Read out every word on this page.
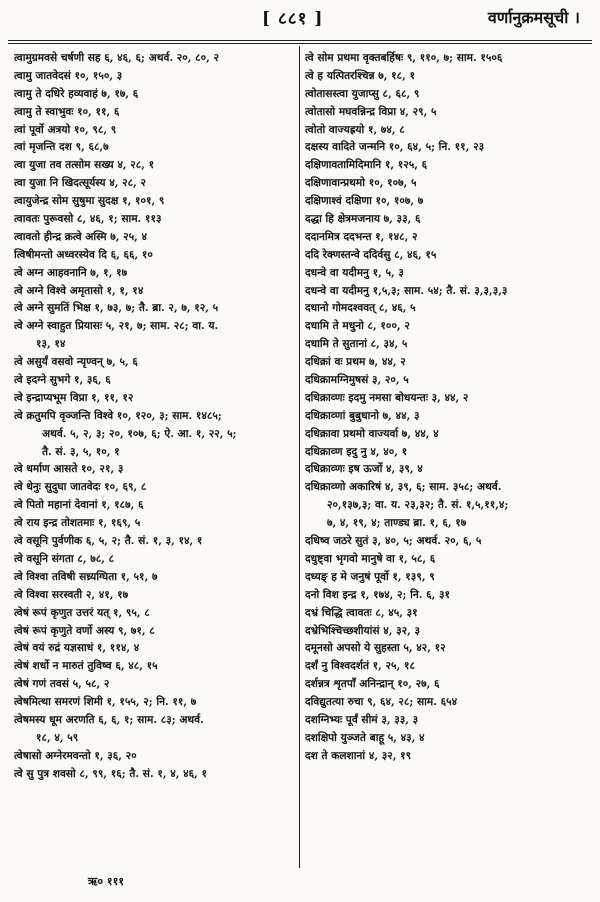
[ ८८१ ]	वर्णानुक्रमसूची ।
त्वामुग्रमवसे चर्षणी सह ६, ४६, ६; अथर्व. २०, ८०, २
त्वामु जातवेदसं १०, १५०, ३
त्वामु ते दधिरे हव्यवाहं ७, १७, ६
त्वामु ते स्वाभुवः १०, ११, ६
त्वां पूर्वो अत्रयो १०, ९८, ९
त्वां मृजन्ति दश ९, ६८,७
त्वा युजा तव तत्सोम सख्य ४, २८, १
त्वा युजा नि खिदत्सूर्यस्य ४, २८, २
त्वायुजेन्द्र सोम सुषुमा सुदक्ष १, १०१, ९
त्वावतः पुरूवसो ८, ४६, १; साम. ११३
त्वावतो हीन्द्र क्रत्वे अस्मि ७, २५, ४
त्विषीमन्तो अध्वरस्येव दि ६, ६६, १०
त्वे अग्न आहवनानि ७, १, १७
त्वे अग्ने विश्वे अमृतासो १, १, १४
त्वे अग्ने सुमतिं भिक्ष १, ७३, ७; तै. ब्रा. २, ७, १२, ५
त्वे अग्ने स्वाहुत प्रियासः ५, २१, ७; साम. २८; वा. य.
१३, १४
त्वे असुर्यं वसवो न्यृण्वन् ७, ५, ६
त्वे इदग्ने सुभगे १, ३६, ६
त्वे इन्द्राप्यभूम विप्रा १, ११, १२
त्वे क्रतुमपि वृञ्जन्ति विश्वे १०, १२०, ३; साम. १४८५;
अथर्व. ५, २, ३; २०, १०७, ६; ऐ. आ. १, २२, ५;
तै. सं. ३, ५, १०, १
त्वे धर्माण आसते १०, २१, ३
त्वे धेनुः सुदुघा जातवेदः १०, ६९, ८
त्वे पितो महानां देवानां १, १८७, ६
त्वे राय इन्द्र तोशतमाः १, १६९, ५
त्वे वसूनि पुर्वणीक ६, ५, २; तै. सं. १, ३, १४, १
त्वे वसूनि संगता ८, ७८, ८
त्वे विश्वा तविषी सध्र्यग्घिता १, ५१, ७
त्वे विश्वा सरस्वती २, ४१, १७
त्वेषं रूपं कृणुत उत्तरं यत् १, ९५, ८
त्वेषं रूपं कृणुते वर्णो अस्य ९, ७१, ८
त्वेषं वयं रुद्रं यज्ञसाधं १, ११४, ४
त्वेषं शर्धो न मारुतं तुविष्व ६, ४८, १५
त्वेषं गणं तवसं ५, ५८, २
त्वेषमित्था समरणं शिमी १, १५५, २; नि. ११, ७
त्वेषमस्य धूम अरणति ६, ६, १; साम. ८३; अथर्व.
१८, ४, ५९
त्वेषासो अग्नेरमवन्तो १, ३६, २०
त्वे सु पुत्र शवसो ८, ९९, १६; तै. सं. १, ४, ४६, १
त्वे सोम प्रथमा वृक्तबर्हिषः ९, ११०, ७; साम. १५०६
त्वे ह यत्पितरश्चिन्न ७, १८, १
त्वोतासस्त्वा युजाप्सु ८, ६८, ९
त्वोतासो मघवन्निन्द्र विप्रा ४, २९, ५
त्वोतो वाज्यह्रयो १, ७४, ८
दक्षस्य वादिते जन्मनि १०, ६४, ५; नि. ११, २३
दक्षिणावतामिदिमानि १, १२५, ६
दक्षिणावान्प्रथमो १०, १०७, ५
दक्षिणाश्वं दक्षिणा १०, १०७, ७
दद्धा हि क्षेत्रमजनाय ७, ३३, ६
ददानमित्र ददभन्त १, १४८, २
ददि रेक्णस्तन्वे ददिर्वसु ८, ४६, १५
दधन्वे वा यदीमनु १, ५, ३
दधन्वे वा यदीमनु १,५,३; साम. ५४; तै. सं. ३,३,३,३
दधानो गोमदश्ववत् ८, ४६, ५
दधामि ते मधुनो ८, १००, २
दधामि ते सुतानां ८, ३४, ५
दधिक्रां वः प्रथम ७, ४४, २
दधिक्रामग्निमुषसं ३, २०, ५
दधिक्राव्णः इदमु नमसा बोधयन्तः ३, ४४, २
दधिक्राव्णां बुबुधानो ७, ४४, ३
दधिक्रावा प्रथमो वाज्यर्वा ७, ४४, ४
दधिक्राव्ण इदु नु ४, ४०, १
दधिक्राव्णः इष ऊर्जो ४, ३९, ४
दधिक्राव्णो अकारिषं ४, ३९, ६; साम. ३५८; अथर्व.
२०,१३७,३; वा. य. २३,३२; तै. सं. १,५,११,४;
७, ४, १९, ४; ताण्ड्य ब्रा. १, ६, १७
दधिष्व जठरे सुतं ३, ४०, ५; अथर्व. २०, ६, ५
दधुष्ट्वा भृगवो मानुषे वा १, ५८, ६
दध्यङ् ह मे जनुषं पूर्वो १, १३९, ९
दनो विश इन्द्र १, १७४, २; नि. ६, ३१
दभ्रं चिद्धि त्वावतः ८, ४५, ३१
दभ्रेभिश्चिच्छशीयांसं ४, ३२, ३
दमूनसो अपसो ये सुहस्ता ५, ४२, १२
दर्शं नु विश्वदर्शतं १, २५, १८
दर्शन्नत्र शृतपाँ अनिन्द्रान् १०, २७, ६
दविद्युतत्या रुचा ९, ६४, २८; साम. ६५४
दशग्निभ्यः पूर्वं सीमं ३, ३३, ३
दशक्षिपो युञ्जते बाहू ५, ४३, ४
दश ते कलशानां ४, ३२, १९
ऋ० १११
